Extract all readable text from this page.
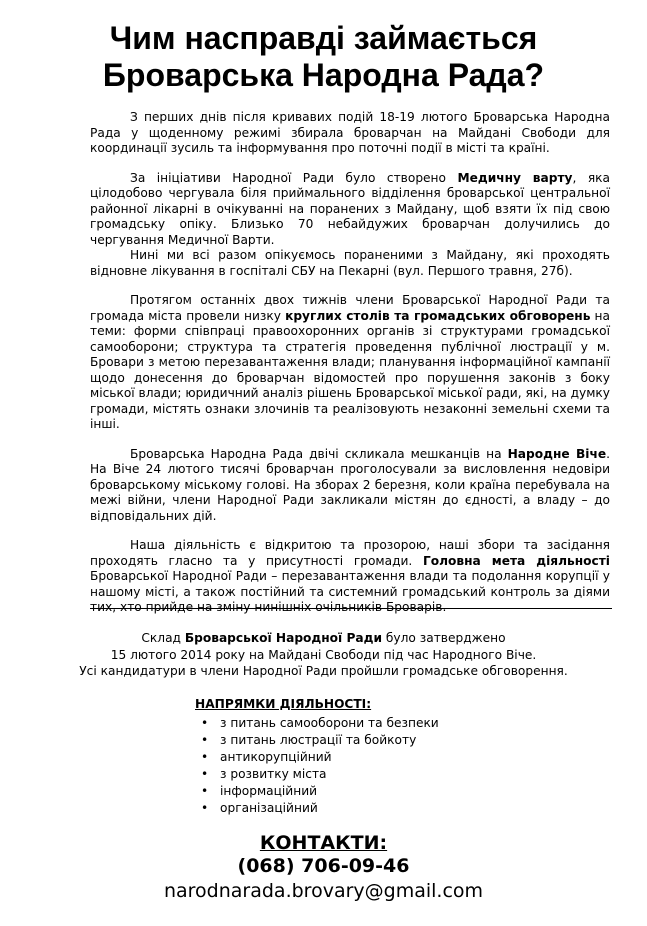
Чим насправді займається
Броварська Народна Рада?

З перших днів після кривавих подій 18-19 лютого Броварська Народна Рада у щоденному режимі збирала броварчан на Майдані Свободи для координації зусиль та інформування про поточні події в місті та країні.

За ініціативи Народної Ради було створено Медичну варту, яка цілодобово чергувала біля приймального відділення броварської центральної районної лікарні в очікуванні на поранених з Майдану, щоб взяти їх під свою громадську опіку. Близько 70 небайдужих броварчан долучились до чергування Медичної Варти.

Нині ми всі разом опікуємось пораненими з Майдану, які проходять відновне лікування в госпіталі СБУ на Пекарні (вул. Першого травня, 27б).

Протягом останніх двох тижнів члени Броварської Народної Ради та громада міста провели низку круглих столів та громадських обговорень на теми: форми співпраці правоохоронних органів зі структурами громадської самооборони; структура та стратегія проведення публічної люстрації у м. Бровари з метою перезавантаження влади; планування інформаційної кампанії щодо донесення до броварчан відомостей про порушення законів з боку міської влади; юридичний аналіз рішень Броварської міської ради, які, на думку громади, містять ознаки злочинів та реалізовують незаконні земельні схеми та інші.

Броварська Народна Рада двічі скликала мешканців на Народне Віче. На Віче 24 лютого тисячі броварчан проголосували за висловлення недовіри броварському міському голові. На зборах 2 березня, коли країна перебувала на межі війни, члени Народної Ради закликали містян до єдності, а владу – до відповідальних дій.

Наша діяльність є відкритою та прозорою, наші збори та засідання проходять гласно та у присутності громади. Головна мета діяльності Броварської Народної Ради – перезавантаження влади та подолання корупції у нашому місті, а також постійний та системний громадський контроль за діями тих, хто прийде на зміну нинішніх очільників Броварів.

Склад Броварської Народної Ради було затверджено
15 лютого 2014 року на Майдані Свободи під час Народного Віче.
Усі кандидатури в члени Народної Ради пройшли громадське обговорення.
НАПРЯМКИ ДІЯЛЬНОСТІ:
• з питань самооборони та безпеки
• з питань люстрації та бойкоту
• антикорупційний
• з розвитку міста
• інформаційний
• організаційний
КОНТАКТИ:
(068) 706-09-46
narodnarada.brovary@gmail.com
